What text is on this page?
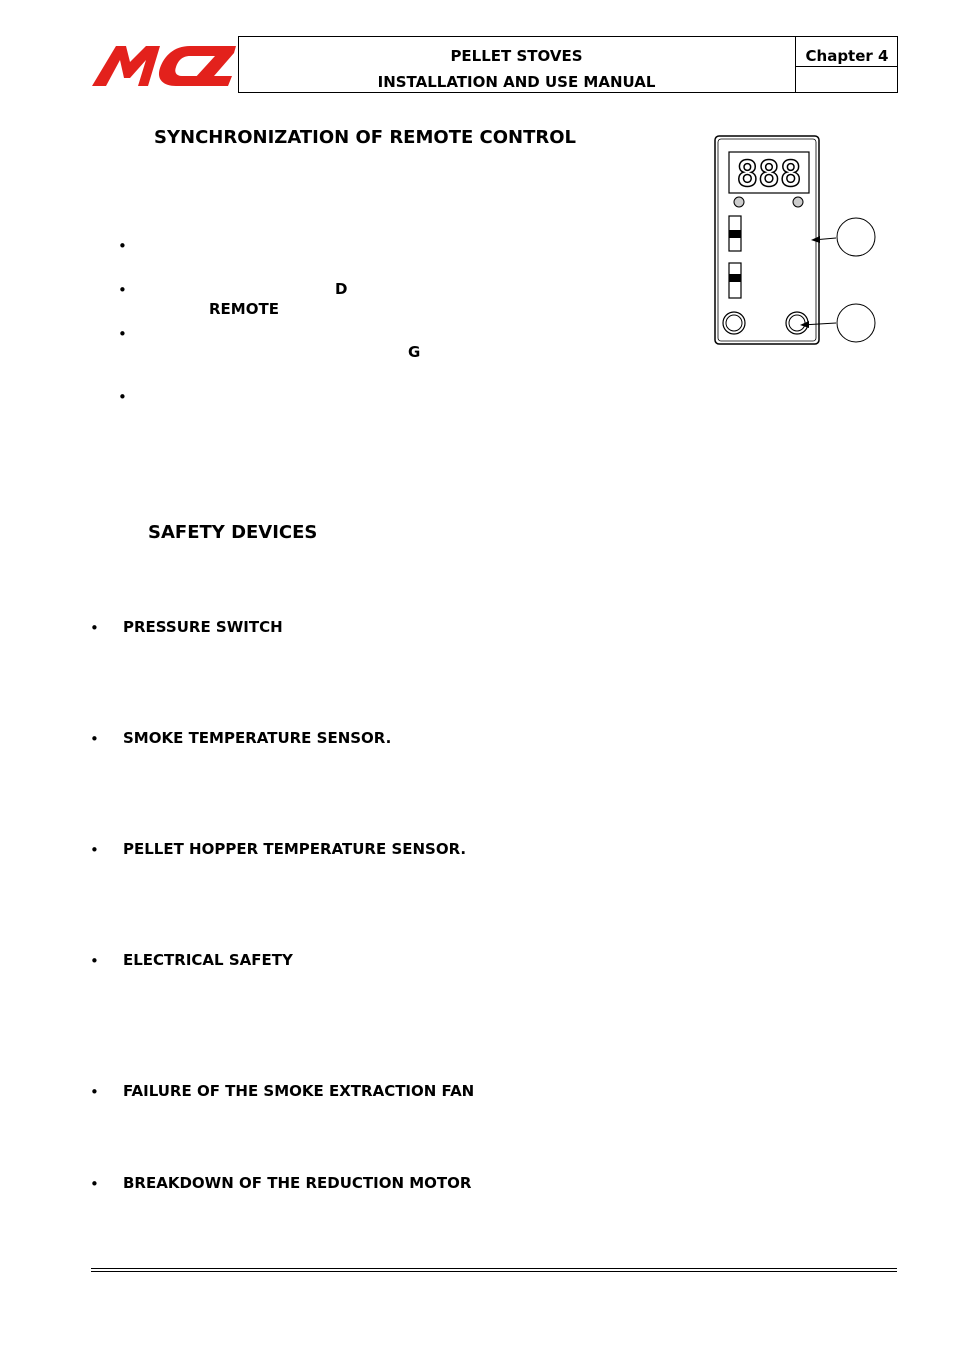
MCZ
PELLET STOVES
INSTALLATION AND USE MANUAL
Chapter 4
SYNCHRONIZATION OF REMOTE CONTROL
•
•	D
REMOTE
•
G
•
888
SAFETY DEVICES
• PRESSURE SWITCH
• SMOKE TEMPERATURE SENSOR.
• PELLET HOPPER TEMPERATURE SENSOR.
• ELECTRICAL SAFETY
• FAILURE OF THE SMOKE EXTRACTION FAN
• BREAKDOWN OF THE REDUCTION MOTOR
